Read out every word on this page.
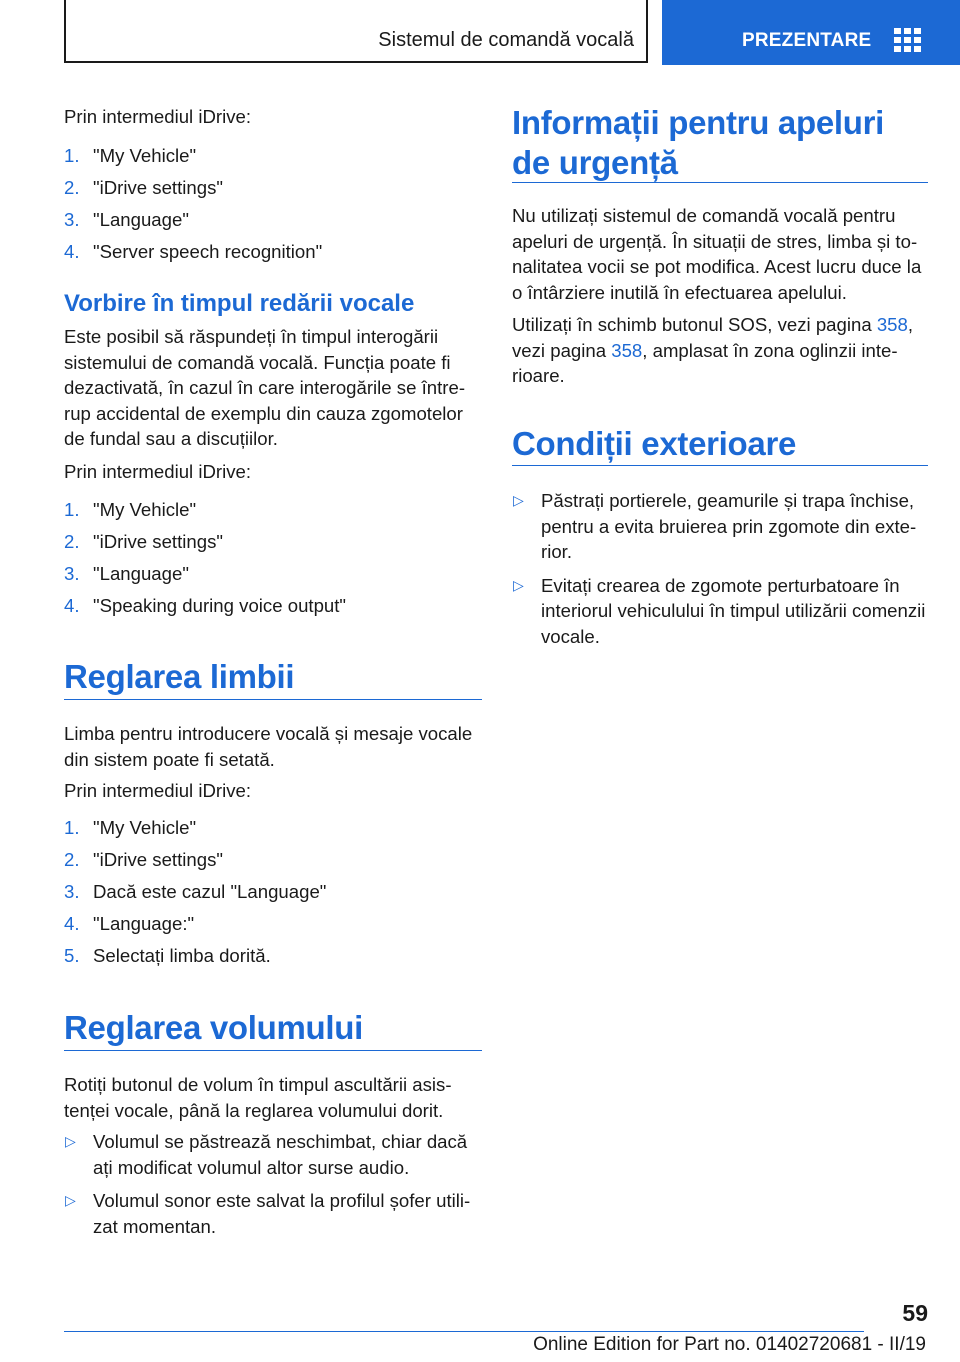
Sistemul de comandă vocală	PREZENTARE

Prin intermediul iDrive:

1. "My Vehicle"
2. "iDrive settings"
3. "Language"
4. "Server speech recognition"
Vorbire în timpul redării vocale

Este posibil să răspundeți în timpul interogării sistemului de comandă vocală. Funcția poate fi dezactivată, în cazul în care interogările se întrerup accidental de exemplu din cauza zgomotelor de fundal sau a discuțiilor.

Prin intermediul iDrive:

1. "My Vehicle"
2. "iDrive settings"
3. "Language"
4. "Speaking during voice output"
Reglarea limbii

Limba pentru introducere vocală și mesaje vocale din sistem poate fi setată.

Prin intermediul iDrive:

1. "My Vehicle"
2. "iDrive settings"
3. Dacă este cazul "Language"
4. "Language:"
5. Selectați limba dorită.
Reglarea volumului

Rotiți butonul de volum în timpul ascultării asistenței vocale, până la reglarea volumului dorit.

▷ Volumul se păstrează neschimbat, chiar dacă ați modificat volumul altor surse audio.
▷ Volumul sonor este salvat la profilul șofer utilizat momentan.
Informații pentru apeluri de urgență

Nu utilizați sistemul de comandă vocală pentru apeluri de urgență. În situații de stres, limba și tonalitatea vocii se pot modifica. Acest lucru duce la o întârziere inutilă în efectuarea apelului.

Utilizați în schimb butonul SOS, vezi pagina 358, vezi pagina 358, amplasat în zona oglinzii interioare.

Condiții exterioare
▷ Păstrați portierele, geamurile și trapa închise, pentru a evita bruierea prin zgomote din exterior.
▷ Evitați crearea de zgomote perturbatoare în interiorul vehiculului în timpul utilizării comenzii vocale.
59
Online Edition for Part no. 01402720681 - II/19
